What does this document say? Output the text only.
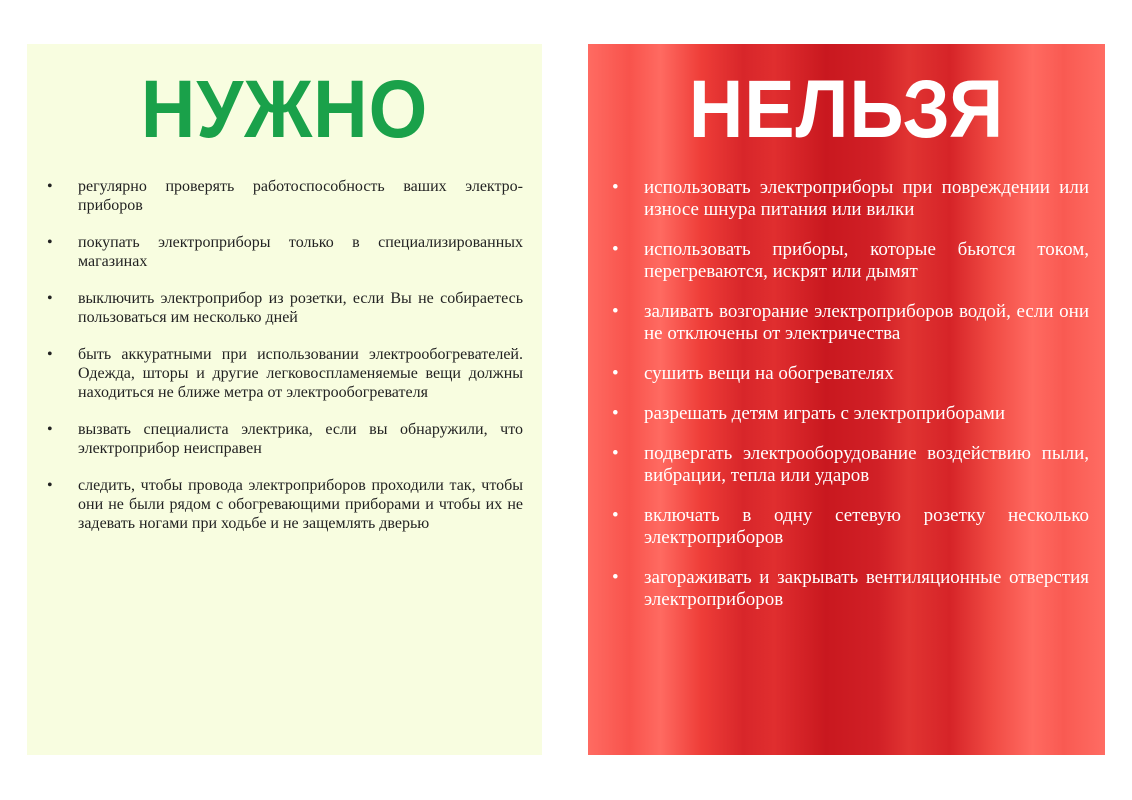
НУЖНО
• регулярно проверять работоспособность ваших электро-приборов
• покупать электроприборы только в специализированных магазинах
• выключить электроприбор из розетки, если Вы не собираетесь пользоваться им несколько дней
• быть аккуратными при использовании электрообогревателей. Одежда, шторы и другие легковоспламеняемые вещи должны находиться не ближе метра от электрообогревателя
• вызвать специалиста электрика, если вы обнаружили, что электроприбор неисправен
• следить, чтобы провода электроприборов проходили так, чтобы они не были рядом с обогревающими приборами и чтобы их не задевать ногами при ходьбе и не защемлять дверью
НЕЛЬЗЯ
• использовать электроприборы при повреждении или износе шнура питания или вилки
• использовать приборы, которые бьются током, перегреваются, искрят или дымят
• заливать возгорание электроприборов водой, если они не отключены от электричества
• сушить вещи на обогревателях
• разрешать детям играть с электроприборами
• подвергать электрооборудование воздействию пыли, вибрации, тепла или ударов
• включать в одну сетевую розетку несколько электроприборов
• загораживать и закрывать вентиляционные отверстия электроприборов
